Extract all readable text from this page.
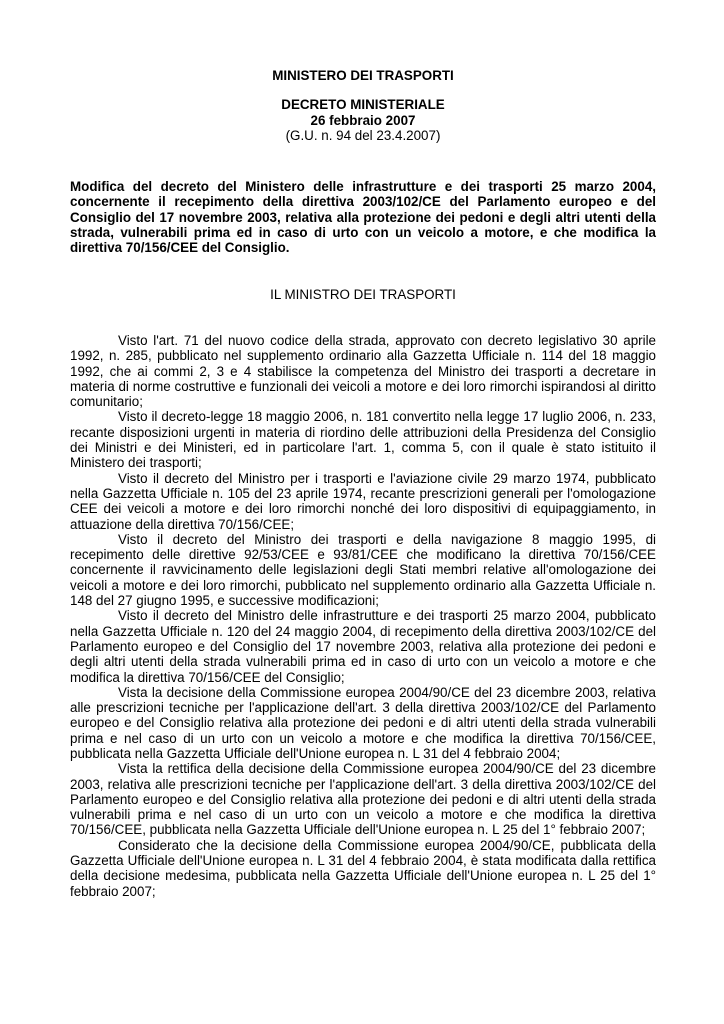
MINISTERO DEI TRASPORTI
DECRETO MINISTERIALE
26 febbraio 2007
(G.U. n. 94 del 23.4.2007)
Modifica del decreto del Ministero delle infrastrutture e dei trasporti 25 marzo 2004, concernente il recepimento della direttiva 2003/102/CE del Parlamento europeo e del Consiglio del 17 novembre 2003, relativa alla protezione dei pedoni e degli altri utenti della strada, vulnerabili prima ed in caso di urto con un veicolo a motore, e che modifica la direttiva 70/156/CEE del Consiglio.
IL MINISTRO DEI TRASPORTI

Visto l'art. 71 del nuovo codice della strada, approvato con decreto legislativo 30 aprile 1992, n. 285, pubblicato nel supplemento ordinario alla Gazzetta Ufficiale n. 114 del 18 maggio 1992, che ai commi 2, 3 e 4 stabilisce la competenza del Ministro dei trasporti a decretare in materia di norme costruttive e funzionali dei veicoli a motore e dei loro rimorchi ispirandosi al diritto comunitario;

Visto il decreto-legge 18 maggio 2006, n. 181 convertito nella legge 17 luglio 2006, n. 233, recante disposizioni urgenti in materia di riordino delle attribuzioni della Presidenza del Consiglio dei Ministri e dei Ministeri, ed in particolare l'art. 1, comma 5, con il quale è stato istituito il Ministero dei trasporti;

Visto il decreto del Ministro per i trasporti e l'aviazione civile 29 marzo 1974, pubblicato nella Gazzetta Ufficiale n. 105 del 23 aprile 1974, recante prescrizioni generali per l'omologazione CEE dei veicoli a motore e dei loro rimorchi nonché dei loro dispositivi di equipaggiamento, in attuazione della direttiva 70/156/CEE;

Visto il decreto del Ministro dei trasporti e della navigazione 8 maggio 1995, di recepimento delle direttive 92/53/CEE e 93/81/CEE che modificano la direttiva 70/156/CEE concernente il ravvicinamento delle legislazioni degli Stati membri relative all'omologazione dei veicoli a motore e dei loro rimorchi, pubblicato nel supplemento ordinario alla Gazzetta Ufficiale n. 148 del 27 giugno 1995, e successive modificazioni;

Visto il decreto del Ministro delle infrastrutture e dei trasporti 25 marzo 2004, pubblicato nella Gazzetta Ufficiale n. 120 del 24 maggio 2004, di recepimento della direttiva 2003/102/CE del Parlamento europeo e del Consiglio del 17 novembre 2003, relativa alla protezione dei pedoni e degli altri utenti della strada vulnerabili prima ed in caso di urto con un veicolo a motore e che modifica la direttiva 70/156/CEE del Consiglio;

Vista la decisione della Commissione europea 2004/90/CE del 23 dicembre 2003, relativa alle prescrizioni tecniche per l'applicazione dell'art. 3 della direttiva 2003/102/CE del Parlamento europeo e del Consiglio relativa alla protezione dei pedoni e di altri utenti della strada vulnerabili prima e nel caso di un urto con un veicolo a motore e che modifica la direttiva 70/156/CEE, pubblicata nella Gazzetta Ufficiale dell'Unione europea n. L 31 del 4 febbraio 2004;

Vista la rettifica della decisione della Commissione europea 2004/90/CE del 23 dicembre 2003, relativa alle prescrizioni tecniche per l'applicazione dell'art. 3 della direttiva 2003/102/CE del Parlamento europeo e del Consiglio relativa alla protezione dei pedoni e di altri utenti della strada vulnerabili prima e nel caso di un urto con un veicolo a motore e che modifica la direttiva 70/156/CEE, pubblicata nella Gazzetta Ufficiale dell'Unione europea n. L 25 del 1° febbraio 2007;

Considerato che la decisione della Commissione europea 2004/90/CE, pubblicata della Gazzetta Ufficiale dell'Unione europea n. L 31 del 4 febbraio 2004, è stata modificata dalla rettifica della decisione medesima, pubblicata nella Gazzetta Ufficiale dell'Unione europea n. L 25 del 1° febbraio 2007;
